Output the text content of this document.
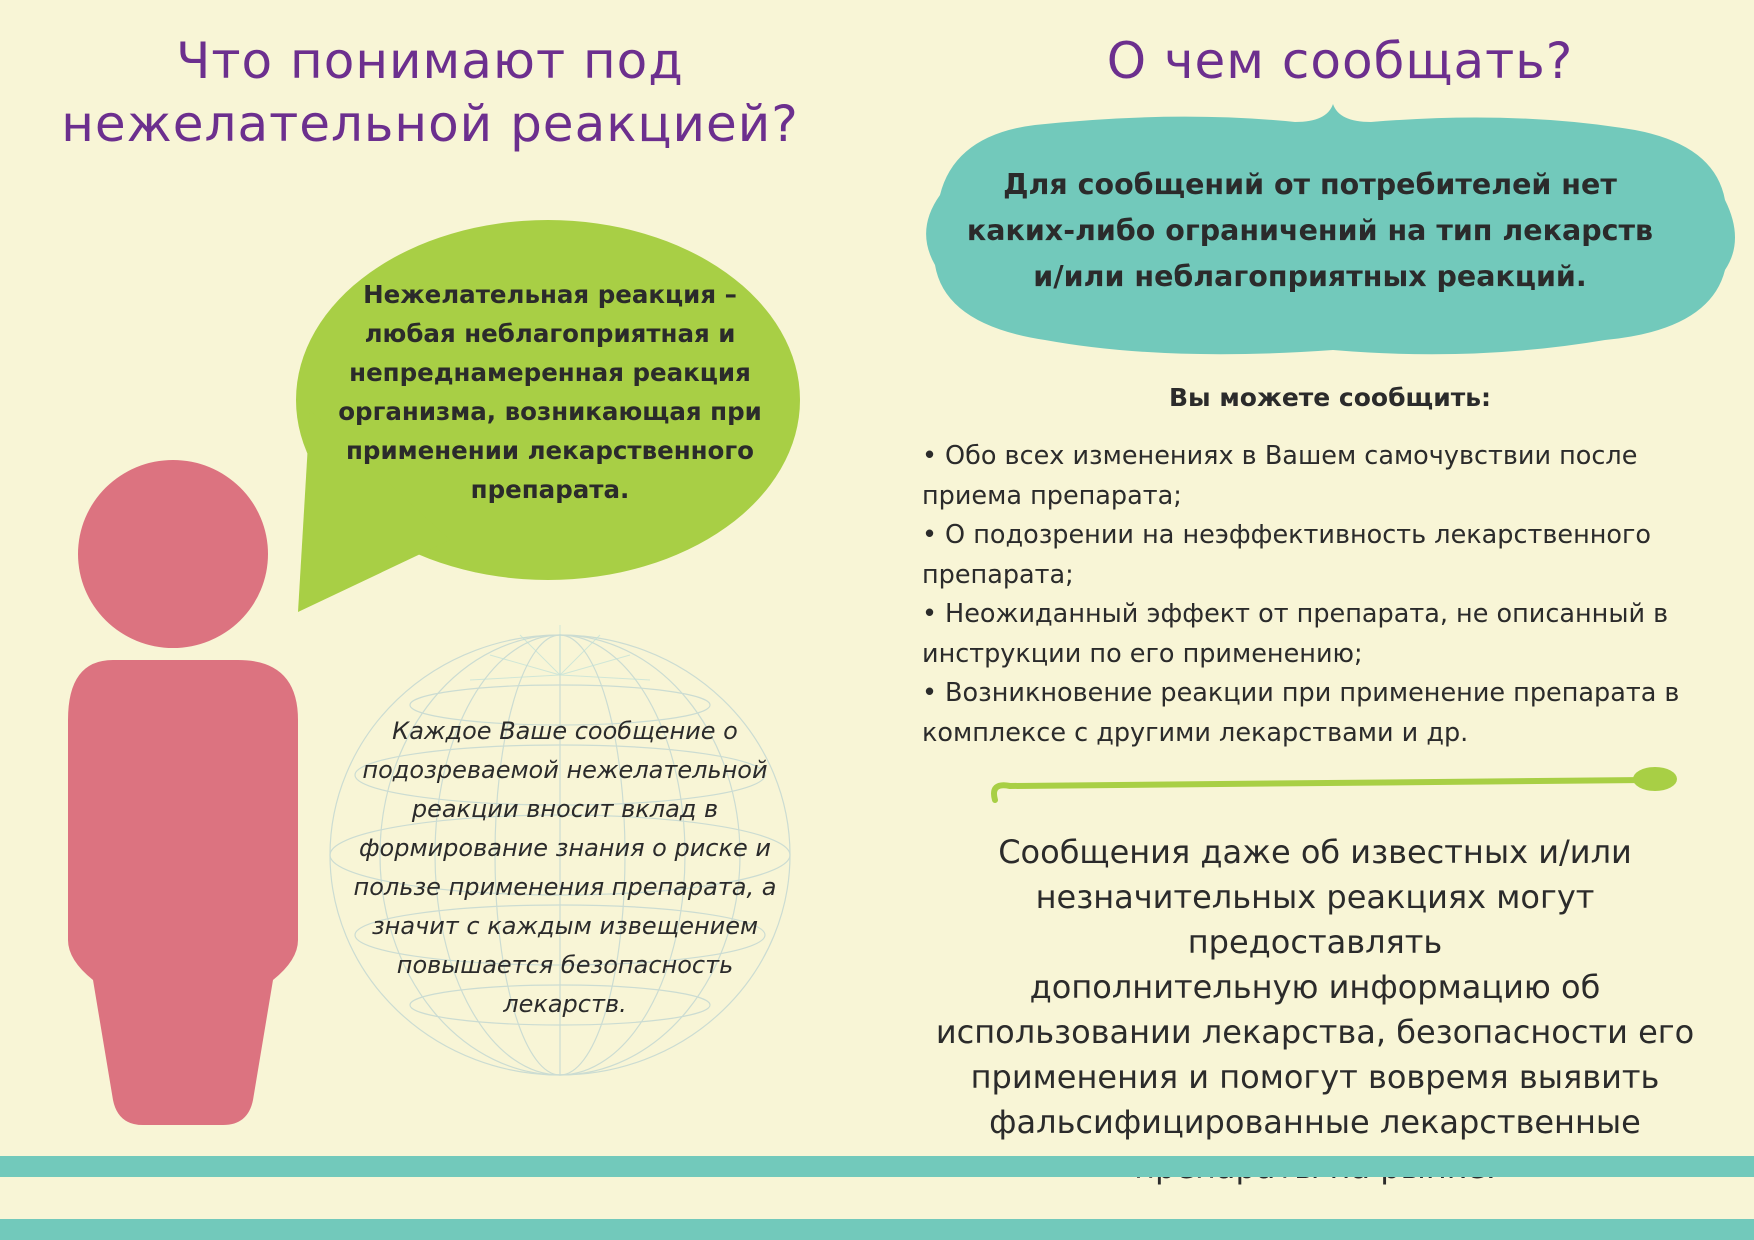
Что понимают под
нежелательной реакцией?
О чем сообщать?
Нежелательная реакция –
любая неблагоприятная и
непреднамеренная реакция
организма, возникающая при
применении лекарственного
препарата.
Каждое Ваше сообщение о
подозреваемой нежелательной
реакции вносит вклад в
формирование знания о риске и
пользе применения препарата, а
значит с каждым извещением
повышается безопасность
лекарств.
Для сообщений от потребителей нет
каких-либо ограничений на тип лекарств
и/или неблагоприятных реакций.
Вы можете сообщить:
• Обо всех изменениях в Вашем самочувствии после
приема препарата;
• О подозрении на неэффективность лекарственного
препарата;
• Неожиданный эффект от препарата, не описанный в
инструкции по его применению;
• Возникновение реакции при применение препарата в
комплексе с другими лекарствами и др.
Сообщения даже об известных и/или
незначительных реакциях могут предоставлять
дополнительную информацию об
использовании лекарства, безопасности его
применения и помогут вовремя выявить
фальсифицированные лекарственные
